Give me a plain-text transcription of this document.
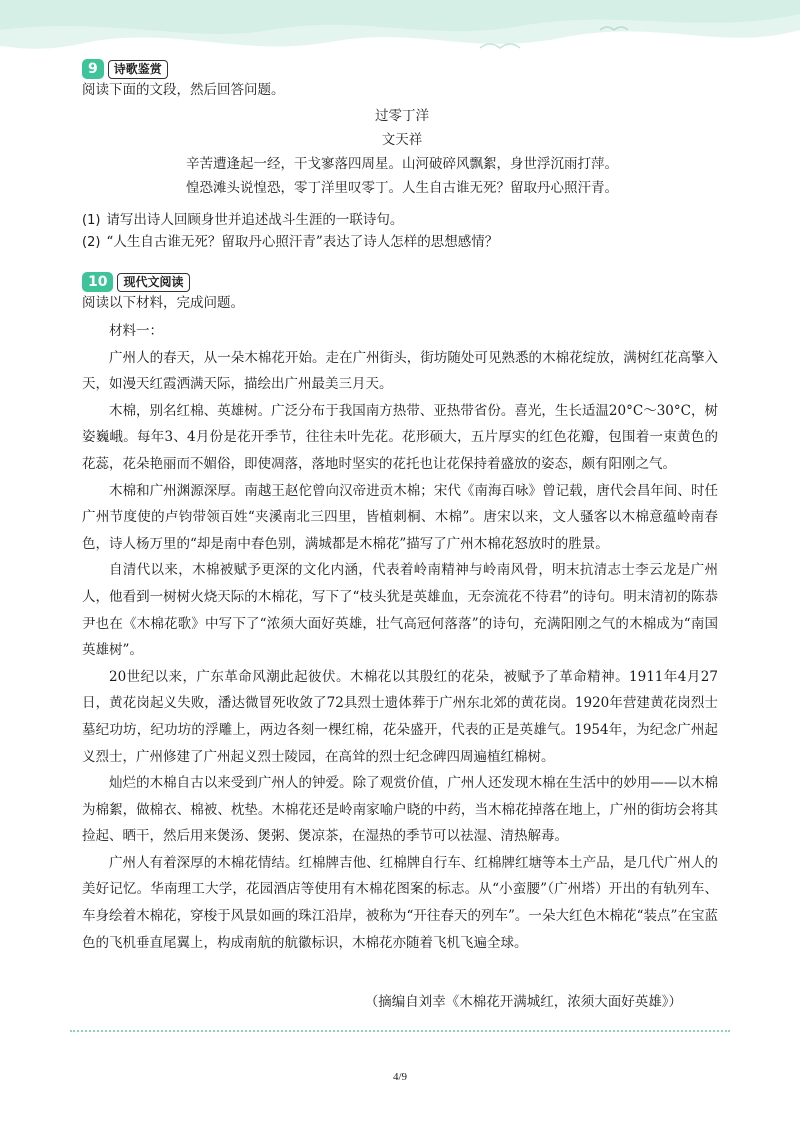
9	诗歌鉴赏
阅读下面的文段，然后回答问题。
过零丁洋
文天祥
辛苦遭逢起一经，干戈寥落四周星。山河破碎风飘絮，身世浮沉雨打萍。
惶恐滩头说惶恐，零丁洋里叹零丁。人生自古谁无死？留取丹心照汗青。
(1) 请写出诗人回顾身世并追述战斗生涯的一联诗句。
(2) “人生自古谁无死？留取丹心照汗青”表达了诗人怎样的思想感情？
10	现代文阅读
阅读以下材料，完成问题。

材料一：

广州人的春天，从一朵木棉花开始。走在广州街头，街坊随处可见熟悉的木棉花绽放，满树红花高擎入天，如漫天红霞洒满天际，描绘出广州最美三月天。

木棉，别名红棉、英雄树。广泛分布于我国南方热带、亚热带省份。喜光，生长适温20°C～30°C，树姿巍峨。每年3、4月份是花开季节，往往未叶先花。花形硕大，五片厚实的红色花瓣，包围着一束黄色的花蕊，花朵艳丽而不媚俗，即使凋落，落地时坚实的花托也让花保持着盛放的姿态，颇有阳刚之气。

木棉和广州渊源深厚。南越王赵佗曾向汉帝进贡木棉；宋代《南海百咏》曾记载，唐代会昌年间、时任广州节度使的卢钧带领百姓“夹溪南北三四里，皆植刺桐、木棉”。唐宋以来，文人骚客以木棉意蕴岭南春色，诗人杨万里的“却是南中春色别，满城都是木棉花”描写了广州木棉花怒放时的胜景。

自清代以来，木棉被赋予更深的文化内涵，代表着岭南精神与岭南风骨，明末抗清志士李云龙是广州人，他看到一树树火烧天际的木棉花，写下了“枝头犹是英雄血，无奈流花不待君”的诗句。明末清初的陈恭尹也在《木棉花歌》中写下了“浓须大面好英雄，壮气高冠何落落”的诗句，充满阳刚之气的木棉成为“南国英雄树”。

20世纪以来，广东革命风潮此起彼伏。木棉花以其殷红的花朵，被赋予了革命精神。1911年4月27日，黄花岗起义失败，潘达微冒死收敛了72具烈士遗体葬于广州东北郊的黄花岗。1920年营建黄花岗烈士墓纪功坊，纪功坊的浮雕上，两边各刻一棵红棉，花朵盛开，代表的正是英雄气。1954年，为纪念广州起义烈士，广州修建了广州起义烈士陵园，在高耸的烈士纪念碑四周遍植红棉树。

灿烂的木棉自古以来受到广州人的钟爱。除了观赏价值，广州人还发现木棉在生活中的妙用——以木棉为棉絮，做棉衣、棉被、枕垫。木棉花还是岭南家喻户晓的中药，当木棉花掉落在地上，广州的街坊会将其捡起、晒干，然后用来煲汤、煲粥、煲凉茶，在湿热的季节可以祛湿、清热解毒。

广州人有着深厚的木棉花情结。红棉牌吉他、红棉牌自行车、红棉牌红塘等本土产品，是几代广州人的美好记忆。华南理工大学，花园酒店等使用有木棉花图案的标志。从“小蛮腰”（广州塔）开出的有轨列车、车身绘着木棉花，穿梭于风景如画的珠江沿岸，被称为“开往春天的列车”。一朵大红色木棉花“装点”在宝蓝色的飞机垂直尾翼上，构成南航的航徽标识，木棉花亦随着飞机飞遍全球。

（摘编自刘幸《木棉花开满城红，浓须大面好英雄》）
4/9
